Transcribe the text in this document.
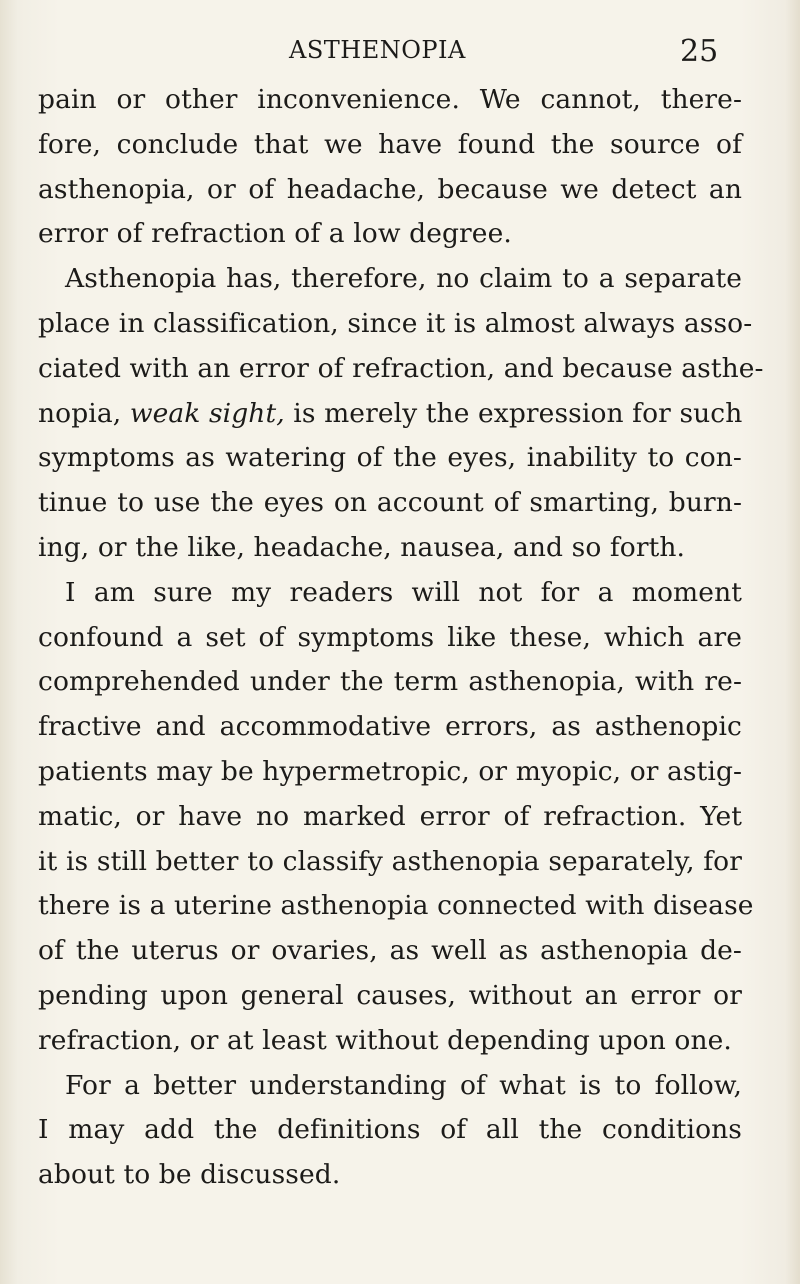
ASTHENOPIA	25
pain or other inconvenience. We cannot, there-
fore, conclude that we have found the source of
asthenopia, or of headache, because we detect an
error of refraction of a low degree.
Asthenopia has, therefore, no claim to a separate
place in classification, since it is almost always asso-
ciated with an error of refraction, and because asthe-
nopia, weak sight, is merely the expression for such
symptoms as watering of the eyes, inability to con-
tinue to use the eyes on account of smarting, burn-
ing, or the like, headache, nausea, and so forth.
I am sure my readers will not for a moment
confound a set of symptoms like these, which are
comprehended under the term asthenopia, with re-
fractive and accommodative errors, as asthenopic
patients may be hypermetropic, or myopic, or astig-
matic, or have no marked error of refraction. Yet
it is still better to classify asthenopia separately, for
there is a uterine asthenopia connected with disease
of the uterus or ovaries, as well as asthenopia de-
pending upon general causes, without an error or
refraction, or at least without depending upon one.
For a better understanding of what is to follow,
I may add the definitions of all the conditions
about to be discussed.
